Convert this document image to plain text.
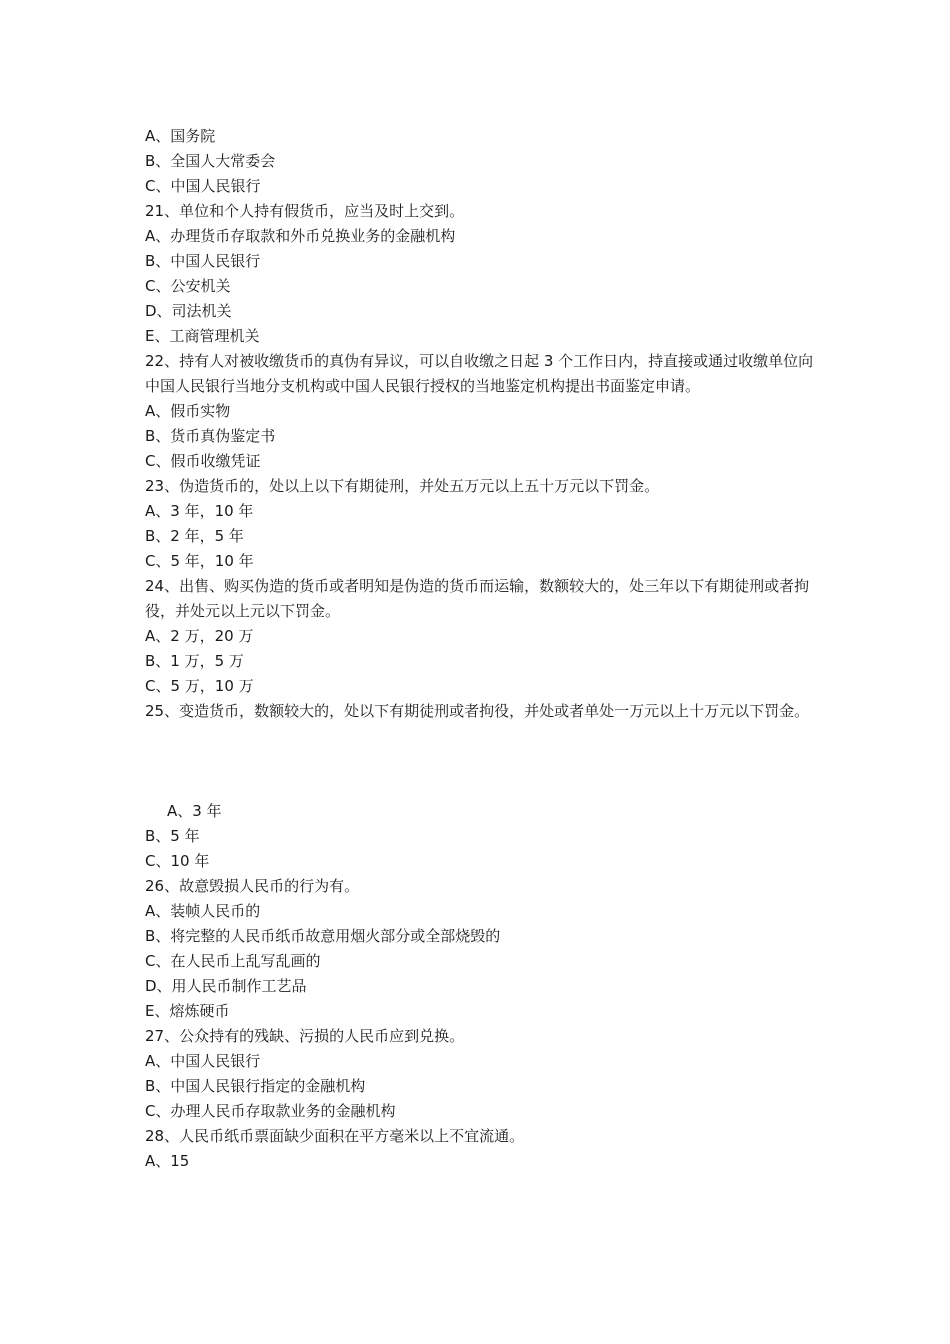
A、国务院

B、全国人大常委会

C、中国人民银行

21、单位和个人持有假货币，应当及时上交到。

A、办理货币存取款和外币兑换业务的金融机构

B、中国人民银行

C、公安机关

D、司法机关

E、工商管理机关

22、持有人对被收缴货币的真伪有异议，可以自收缴之日起 3 个工作日内，持直接或通过收缴单位向中国人民银行当地分支机构或中国人民银行授权的当地鉴定机构提出书面鉴定申请。

A、假币实物

B、货币真伪鉴定书

C、假币收缴凭证

23、伪造货币的，处以上以下有期徒刑，并处五万元以上五十万元以下罚金。

A、3 年，10 年

B、2 年，5 年

C、5 年，10 年

24、出售、购买伪造的货币或者明知是伪造的货币而运输，数额较大的，处三年以下有期徒刑或者拘役，并处元以上元以下罚金。

A、2 万，20 万

B、1 万，5 万

C、5 万，10 万

25、变造货币，数额较大的，处以下有期徒刑或者拘役，并处或者单处一万元以上十万元以下罚金。

A、3 年

B、5 年

C、10 年

26、故意毁损人民币的行为有。

A、装帧人民币的

B、将完整的人民币纸币故意用烟火部分或全部烧毁的

C、在人民币上乱写乱画的

D、用人民币制作工艺品

E、熔炼硬币

27、公众持有的残缺、污损的人民币应到兑换。

A、中国人民银行

B、中国人民银行指定的金融机构

C、办理人民币存取款业务的金融机构

28、人民币纸币票面缺少面积在平方毫米以上不宜流通。

A、15
